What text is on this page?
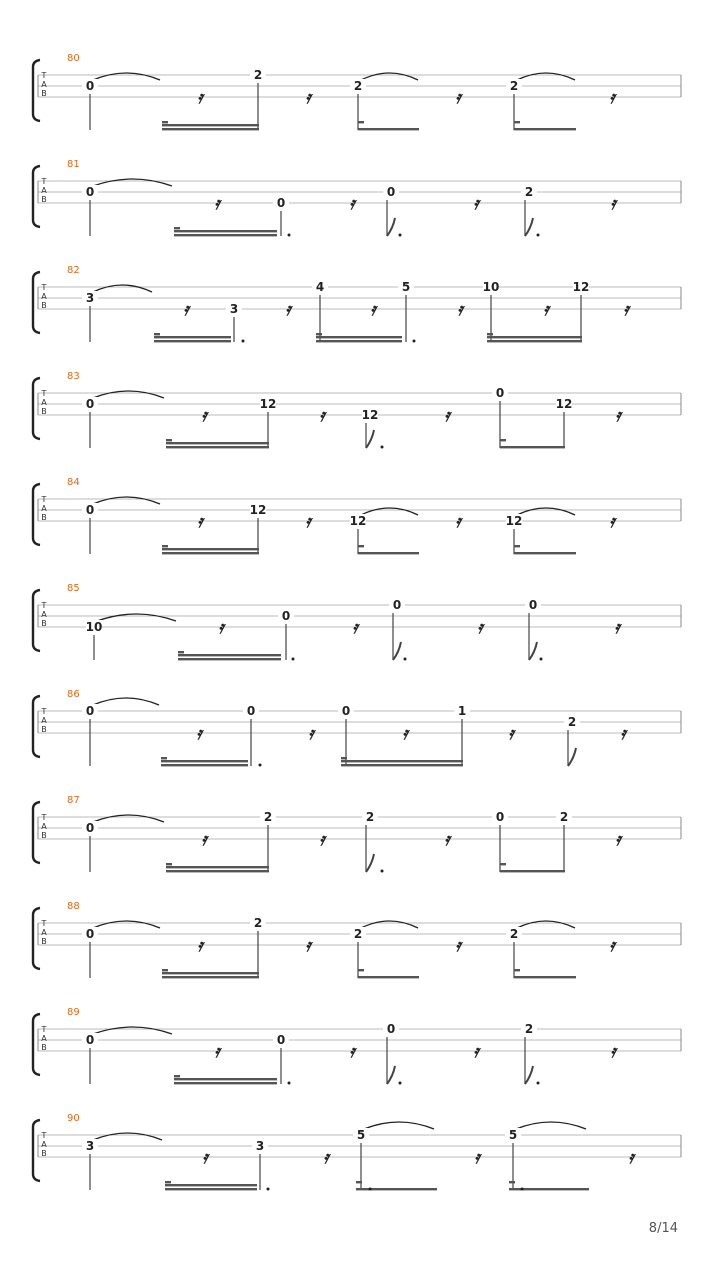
T
A
B
80
0
2
2	2
𝄿	𝄿	𝄿	𝄿
T
A
B
81
0
0
0	2
𝄿	𝄿	𝄿	𝄿
T
A
B
82
3
3
4	5	10	12
𝄿	𝄿	𝄿	𝄿	𝄿	𝄿
T
A
B
83
0	12
12
0
12
𝄿	𝄿	𝄿	𝄿
T
A
B
84
0	12
12	12
𝄿	𝄿	𝄿	𝄿
T
A
B
85
10
0
0	0
𝄿	𝄿	𝄿	𝄿
T
A
B
86
0	0	0	1
2
𝄿	𝄿	𝄿	𝄿	𝄿
T
A
B
87
0
2	2	0	2
𝄿	𝄿	𝄿	𝄿
T
A
B
88
0
2
2	2
𝄿	𝄿	𝄿	𝄿
T
A
B
89
0	0
0	2
𝄿	𝄿	𝄿	𝄿
T
A
B
90
3	3
5	5
𝄿	𝄿	𝄿	𝄿
8/14
